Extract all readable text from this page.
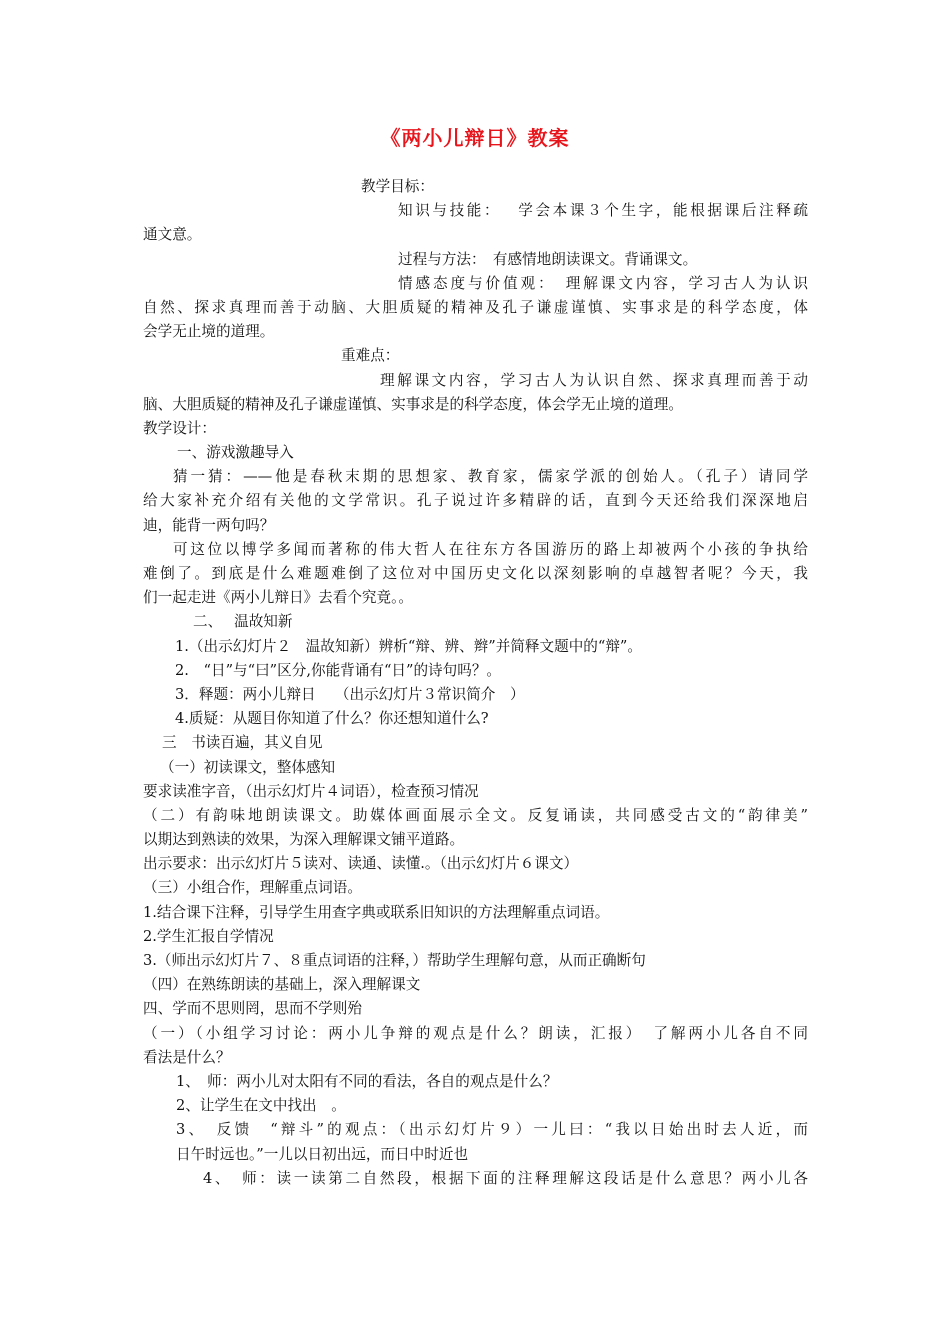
《两小儿辩日》教案
教学目标：
知识与技能：　 学会本课３个生字，能根据课后注释疏
通文意。
过程与方法：　有感情地朗读课文。背诵课文。
情感态度与价值观：　理解课文内容，学习古人为认识
自然、探求真理而善于动脑、大胆质疑的精神及孔子谦虚谨慎、实事求是的科学态度，体
会学无止境的道理。
重难点：
理解课文内容，学习古人为认识自然、探求真理而善于动
脑、大胆质疑的精神及孔子谦虚谨慎、实事求是的科学态度，体会学无止境的道理。
教学设计：
一、游戏激趣导入
猜一猜：——他是春秋末期的思想家、教育家，儒家学派的创始人。（孔子）请同学
给大家补充介绍有关他的文学常识。孔子说过许多精辟的话，直到今天还给我们深深地启
迪，能背一两句吗？
可这位以博学多闻而著称的伟大哲人在往东方各国游历的路上却被两个小孩的争执给
难倒了。到底是什么难题难倒了这位对中国历史文化以深刻影响的卓越智者呢？今天，我
们一起走进《两小儿辩日》去看个究竟。。
二、　 温故知新
1.（出示幻灯片２　温故知新）辨析“辩、辨、辫”并简释文题中的“辩”。
2.　“日”与“曰”区分,你能背诵有“日”的诗句吗？。
3．释题：两小儿辩日　 （出示幻灯片３常识简介　）
4.质疑：从题目你知道了什么？你还想知道什么?
三　书读百遍，其义自见
（一）初读课文，整体感知
要求读准字音，（出示幻灯片４词语），检查预习情况
（二）有韵味地朗读课文。助媒体画面展示全文。反复诵读，共同感受古文的“韵律美”
以期达到熟读的效果，为深入理解课文铺平道路。
出示要求：出示幻灯片５读对、读通、读懂.。（出示幻灯片６课文）
（三）小组合作，理解重点词语。
1.结合课下注释，引导学生用查字典或联系旧知识的方法理解重点词语。
2.学生汇报自学情况
3.（师出示幻灯片７、８重点词语的注释，）帮助学生理解句意，从而正确断句
（四）在熟练朗读的基础上，深入理解课文
四、学而不思则罔，思而不学则殆
（一）（小组学习讨论：两小儿争辩的观点是什么？朗读，汇报）　了解两小儿各自不同
看法是什么？
1、　师：两小儿对太阳有不同的看法，各自的观点是什么？
2、让学生在文中找出　。
3、　反馈　“辩斗”的观点：（出示幻灯片９）一儿曰：“我以日始出时去人近，而
日午时远也。”一儿以日初出远，而日中时近也
4、　师：读一读第二自然段，根据下面的注释理解这段话是什么意思？两小儿各
